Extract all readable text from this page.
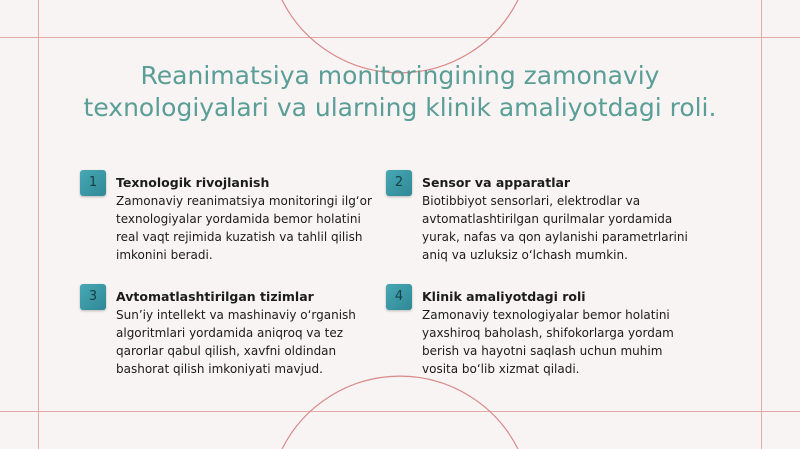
Reanimatsiya monitoringining zamonaviy
texnologiyalari va ularning klinik amaliyotdagi roli.
1	Texnologik rivojlanish

Zamonaviy reanimatsiya monitoringi ilg‘or texnologiyalar yordamida bemor holatini real vaqt rejimida kuzatish va tahlil qilish imkonini beradi.

2	Sensor va apparatlar

Biotibbiyot sensorlari, elektrodlar va avtomatlashtirilgan qurilmalar yordamida yurak, nafas va qon aylanishi parametrlarini aniq va uzluksiz o‘lchash mumkin.

3	Avtomatlashtirilgan tizimlar

Sun’iy intellekt va mashinaviy o‘rganish algoritmlari yordamida aniqroq va tez qarorlar qabul qilish, xavfni oldindan bashorat qilish imkoniyati mavjud.

4	Klinik amaliyotdagi roli

Zamonaviy texnologiyalar bemor holatini yaxshiroq baholash, shifokorlarga yordam berish va hayotni saqlash uchun muhim vosita bo‘lib xizmat qiladi.
